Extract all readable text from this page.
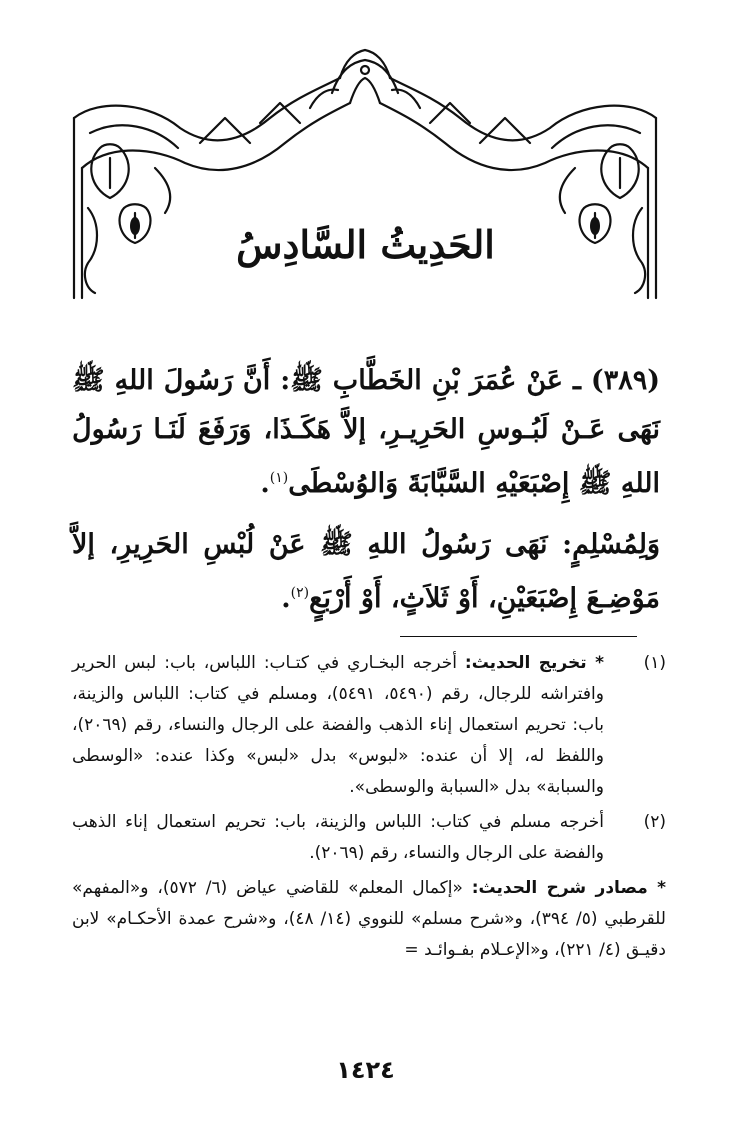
الحَدِيثُ السَّادِسُ

(٣٨٩) ـ عَنْ عُمَرَ بْنِ الخَطَّابِ ﷺ: أَنَّ رَسُولَ اللهِ ﷺ نَهَى عَـنْ لَبُـوسِ الحَرِيـرِ، إلاَّ هَكَـذَا، وَرَفَعَ لَنَـا رَسُولُ اللهِ ﷺ إِصْبَعَيْهِ السَّبَّابَةَ وَالوُسْطَى$^{(١)}$.

وَلِمُسْلِمٍ: نَهَى رَسُولُ اللهِ ﷺ عَنْ لُبْسِ الحَرِيرِ، إلاَّ مَوْضِـعَ إِصْبَعَيْنِ، أَوْ ثَلاَثٍ، أَوْ أَرْبَعٍ$^{(٢)}$.

(١)
* تخريج الحديث: أخرجه البخـاري في كتـاب: اللباس، باب: لبس الحرير وافتراشه للرجال، رقم (٥٤٩٠، ٥٤٩١)، ومسلم في كتاب: اللباس والزينة، باب: تحريم استعمال إناء الذهب والفضة على الرجال والنساء، رقم (٢٠٦٩)، واللفظ له، إلا أن عنده: «لبوس» بدل «لبس» وكذا عنده: «الوسطى والسبابة» بدل «السبابة والوسطى».
(٢)
أخرجه مسلم في كتاب: اللباس والزينة، باب: تحريم استعمال إناء الذهب والفضة على الرجال والنساء، رقم (٢٠٦٩).
* مصادر شرح الحديث: «إكمال المعلم» للقاضي عياض (٦/ ٥٧٢)، و«المفهم» للقرطبي (٥/ ٣٩٤)، و«شرح مسلم» للنووي (١٤/ ٤٨)، و«شرح عمدة الأحكـام» لابن دقيـق (٤/ ٢٢١)، و«الإعـلام بفـوائـد =
١٤٢٤
